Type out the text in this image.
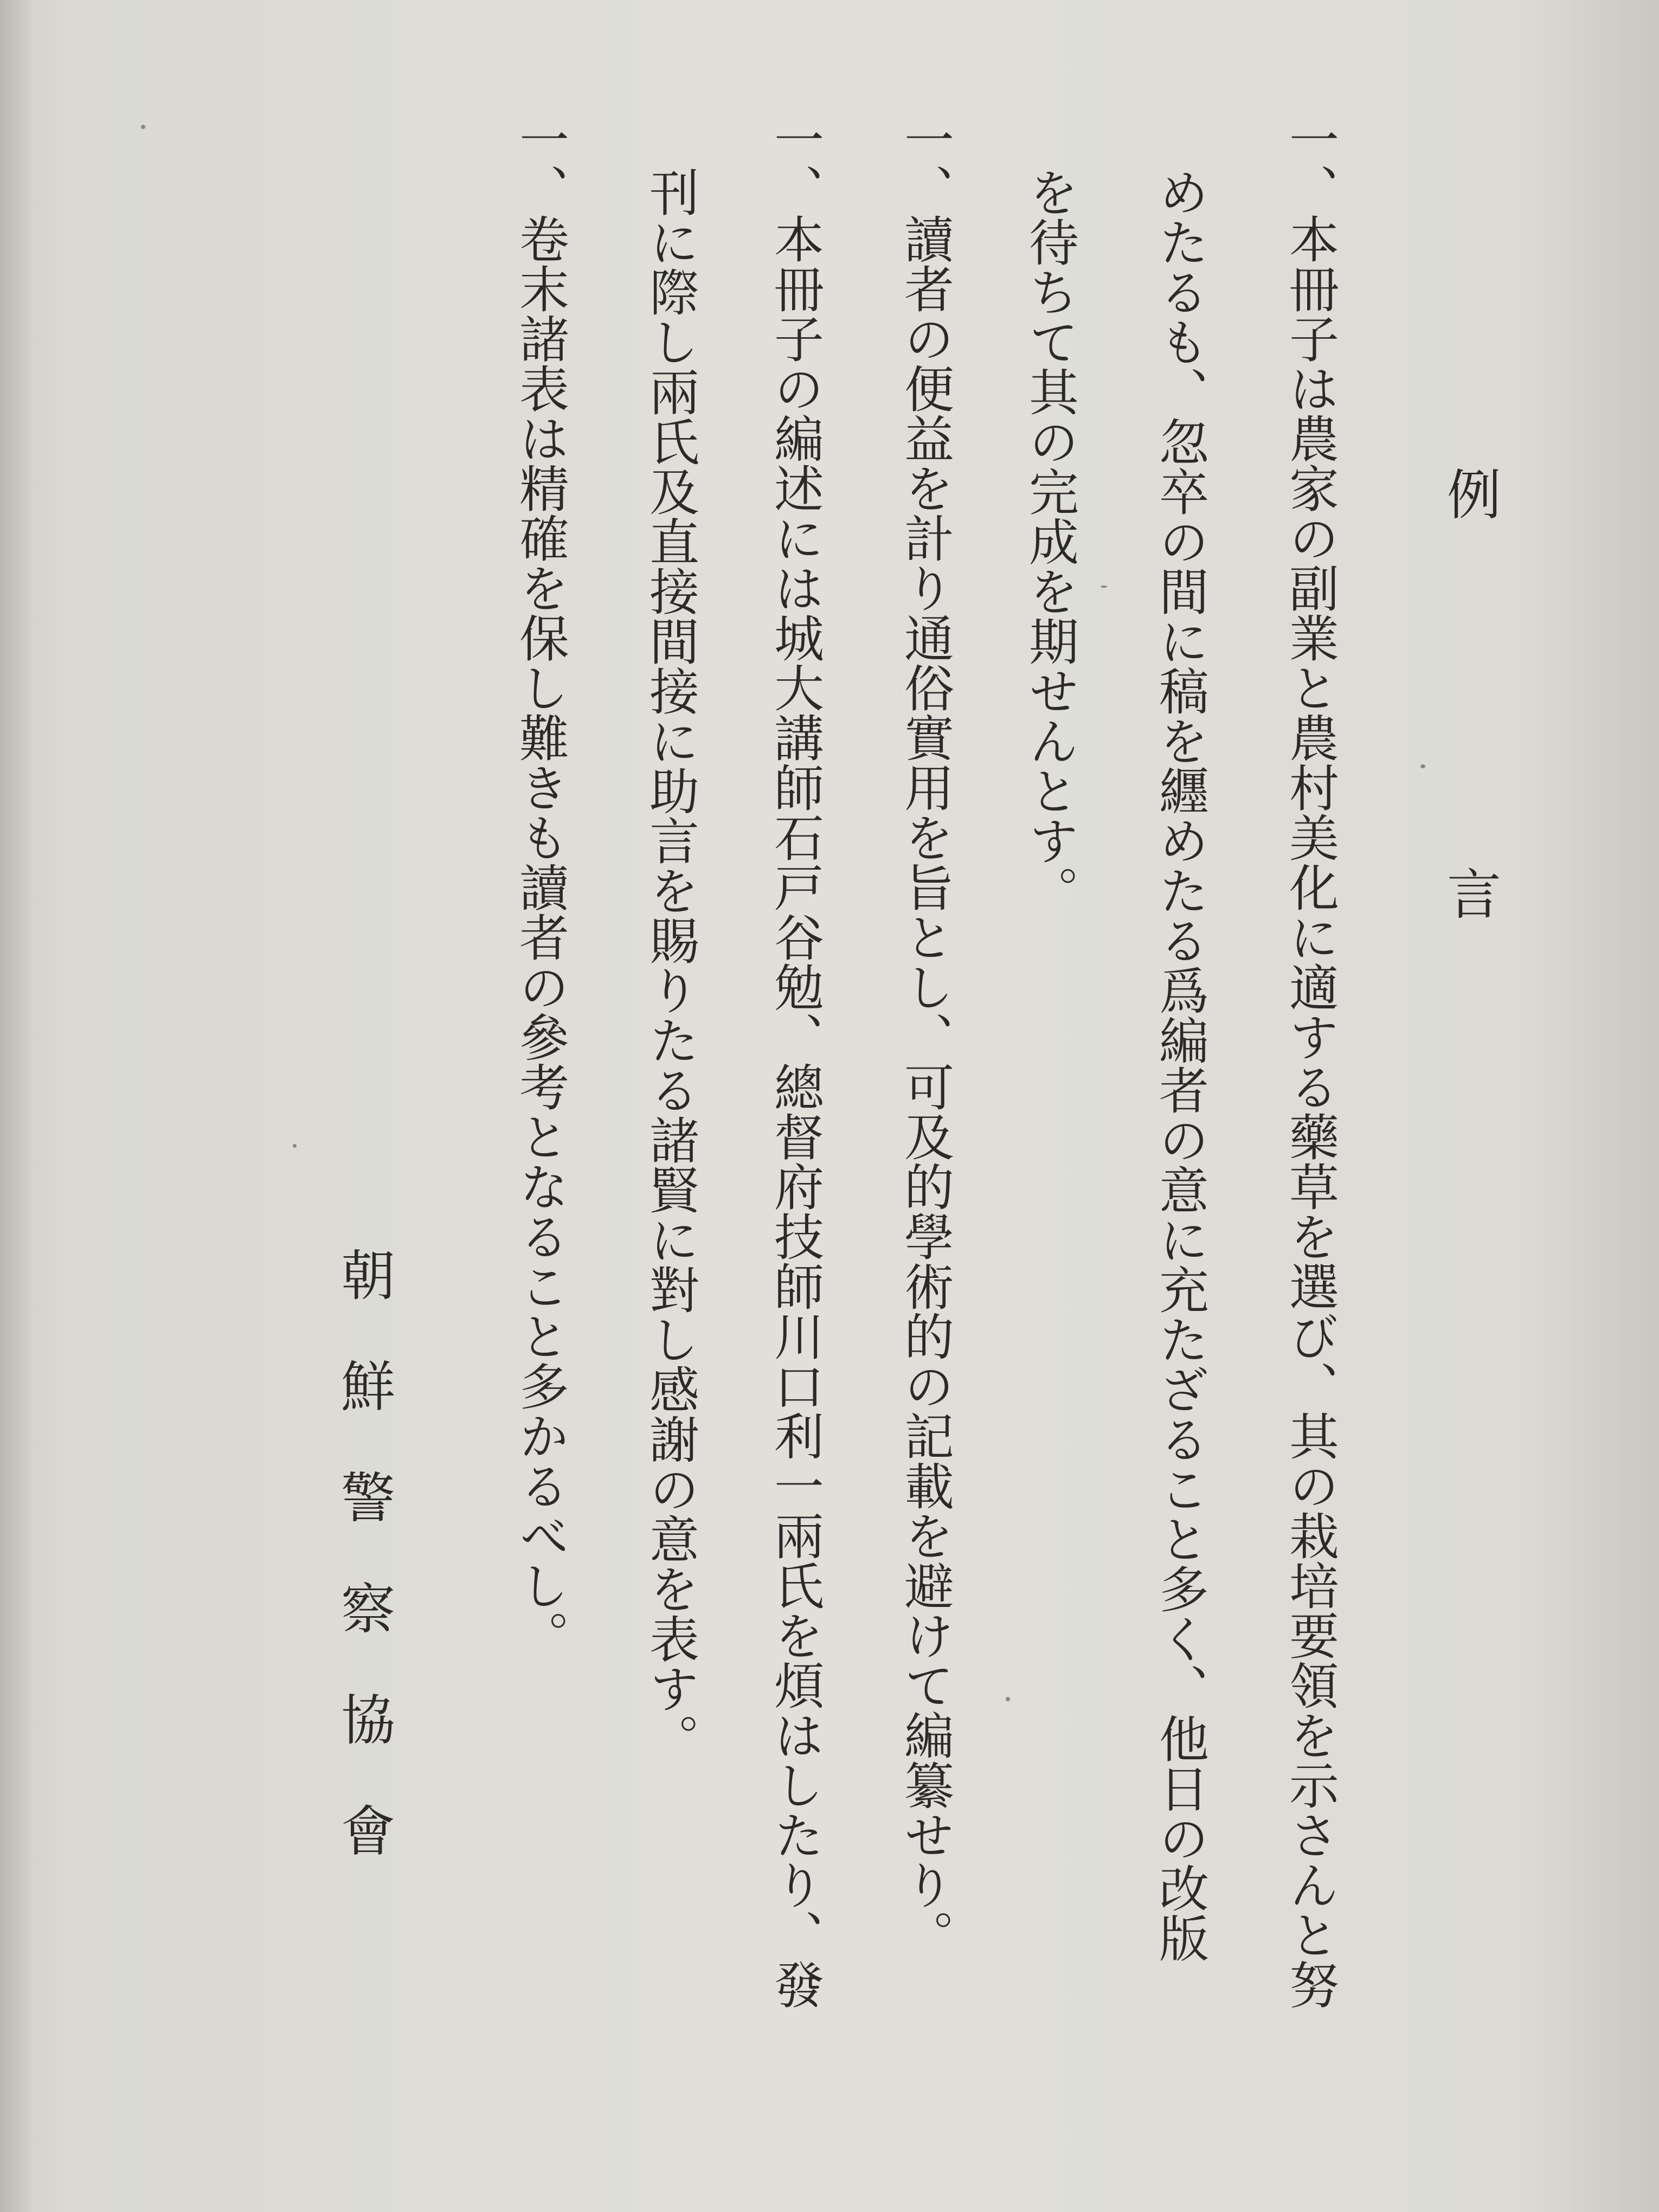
例 言
一、本冊子は農家の副業と農村美化に適する藥草を選び、其の栽培要領を示さんと努
めたるも、忽卒の間に稿を纒めたる爲編者の意に充たざること多く、他日の改版
を待ちて其の完成を期せんとす。
一、讀者の便益を計り通俗實用を旨とし、可及的學術的の記載を避けて編纂せり。
一、本冊子の編述には城大講師石戸谷勉、總督府技師川口利一兩氏を煩はしたり、發
刊に際し兩氏及直接間接に助言を賜りたる諸賢に對し感謝の意を表す。
一、卷末諸表は精確を保し難きも讀者の參考となること多かるべし。
朝鮮警察協會
